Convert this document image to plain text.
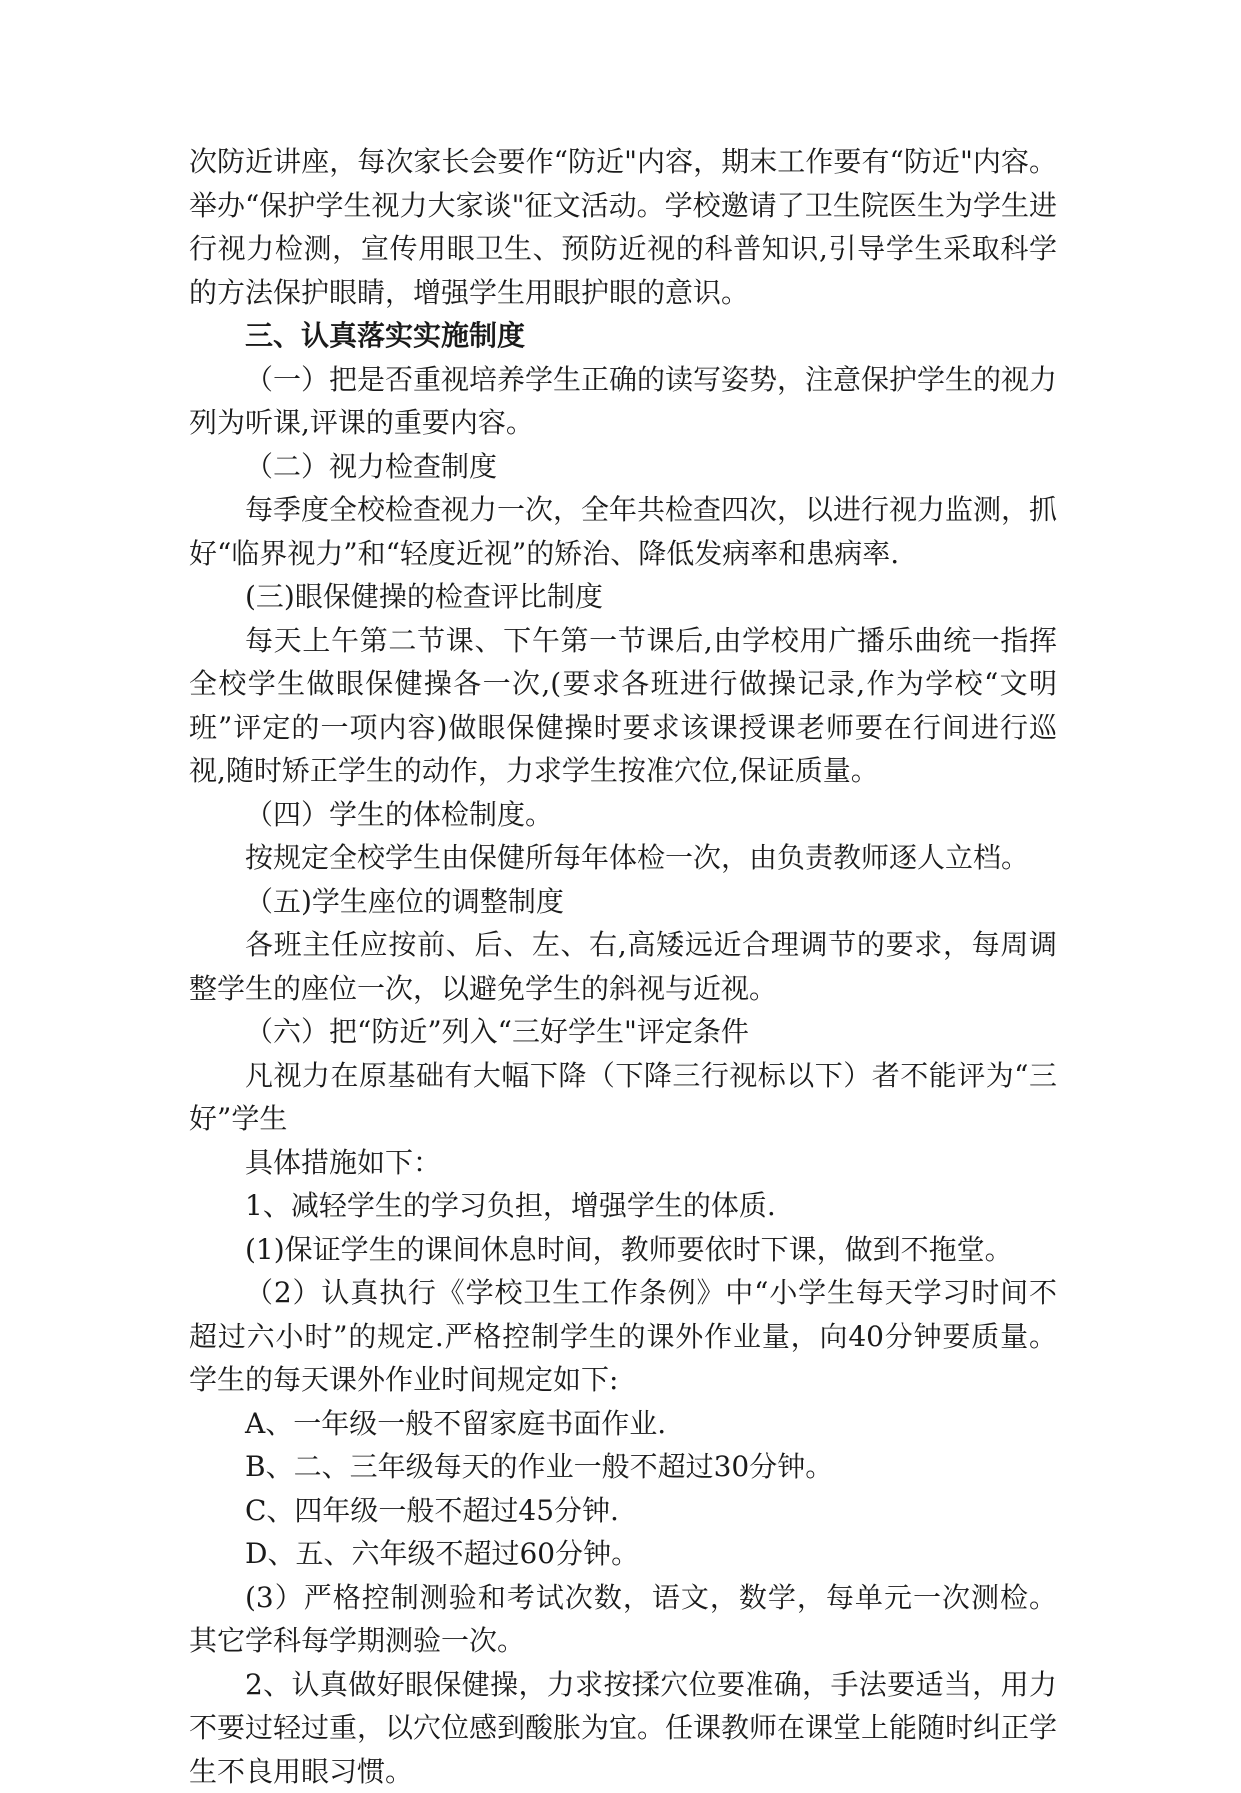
次防近讲座，每次家长会要作“防近"内容，期末工作要有“防近"内容。举办“保护学生视力大家谈"征文活动。学校邀请了卫生院医生为学生进行视力检测，宣传用眼卫生、预防近视的科普知识,引导学生采取科学的方法保护眼睛，增强学生用眼护眼的意识。

三、认真落实实施制度

（一）把是否重视培养学生正确的读写姿势，注意保护学生的视力列为听课,评课的重要内容。

（二）视力检查制度

每季度全校检查视力一次，全年共检查四次，以进行视力监测，抓好“临界视力”和“轻度近视”的矫治、降低发病率和患病率.

(三)眼保健操的检查评比制度

每天上午第二节课、下午第一节课后,由学校用广播乐曲统一指挥全校学生做眼保健操各一次,(要求各班进行做操记录,作为学校“文明班”评定的一项内容)做眼保健操时要求该课授课老师要在行间进行巡视,随时矫正学生的动作，力求学生按准穴位,保证质量。

（四）学生的体检制度。

按规定全校学生由保健所每年体检一次，由负责教师逐人立档。

（五)学生座位的调整制度

各班主任应按前、后、左、右,高矮远近合理调节的要求，每周调整学生的座位一次，以避免学生的斜视与近视。

（六）把“防近”列入“三好学生"评定条件

凡视力在原基础有大幅下降（下降三行视标以下）者不能评为“三好”学生

具体措施如下：

1、减轻学生的学习负担，增强学生的体质.

(1)保证学生的课间休息时间，教师要依时下课，做到不拖堂。

（2）认真执行《学校卫生工作条例》中“小学生每天学习时间不超过六小时”的规定.严格控制学生的课外作业量，向40分钟要质量。学生的每天课外作业时间规定如下:

A、一年级一般不留家庭书面作业.

B、二、三年级每天的作业一般不超过30分钟。

C、四年级一般不超过45分钟.

D、五、六年级不超过60分钟。

(3）严格控制测验和考试次数，语文，数学，每单元一次测检。其它学科每学期测验一次。

2、认真做好眼保健操，力求按揉穴位要准确，手法要适当，用力不要过轻过重，以穴位感到酸胀为宜。任课教师在课堂上能随时纠正学生不良用眼习惯。
